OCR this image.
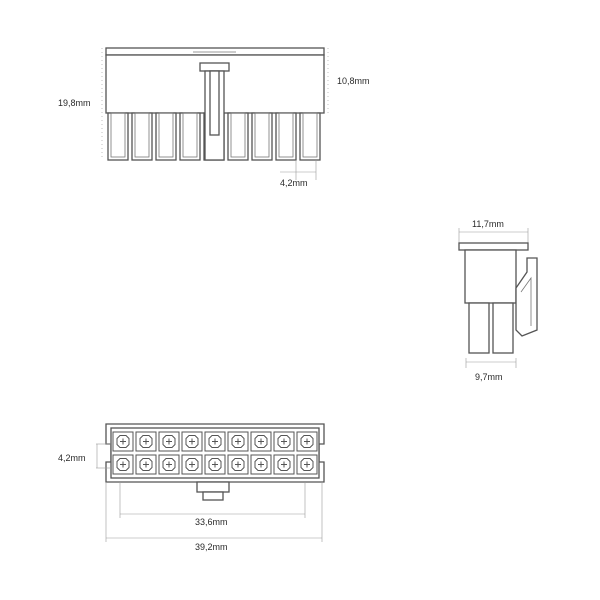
19,8mm
10,8mm
4,2mm
11,7mm
9,7mm
4,2mm
33,6mm
39,2mm
